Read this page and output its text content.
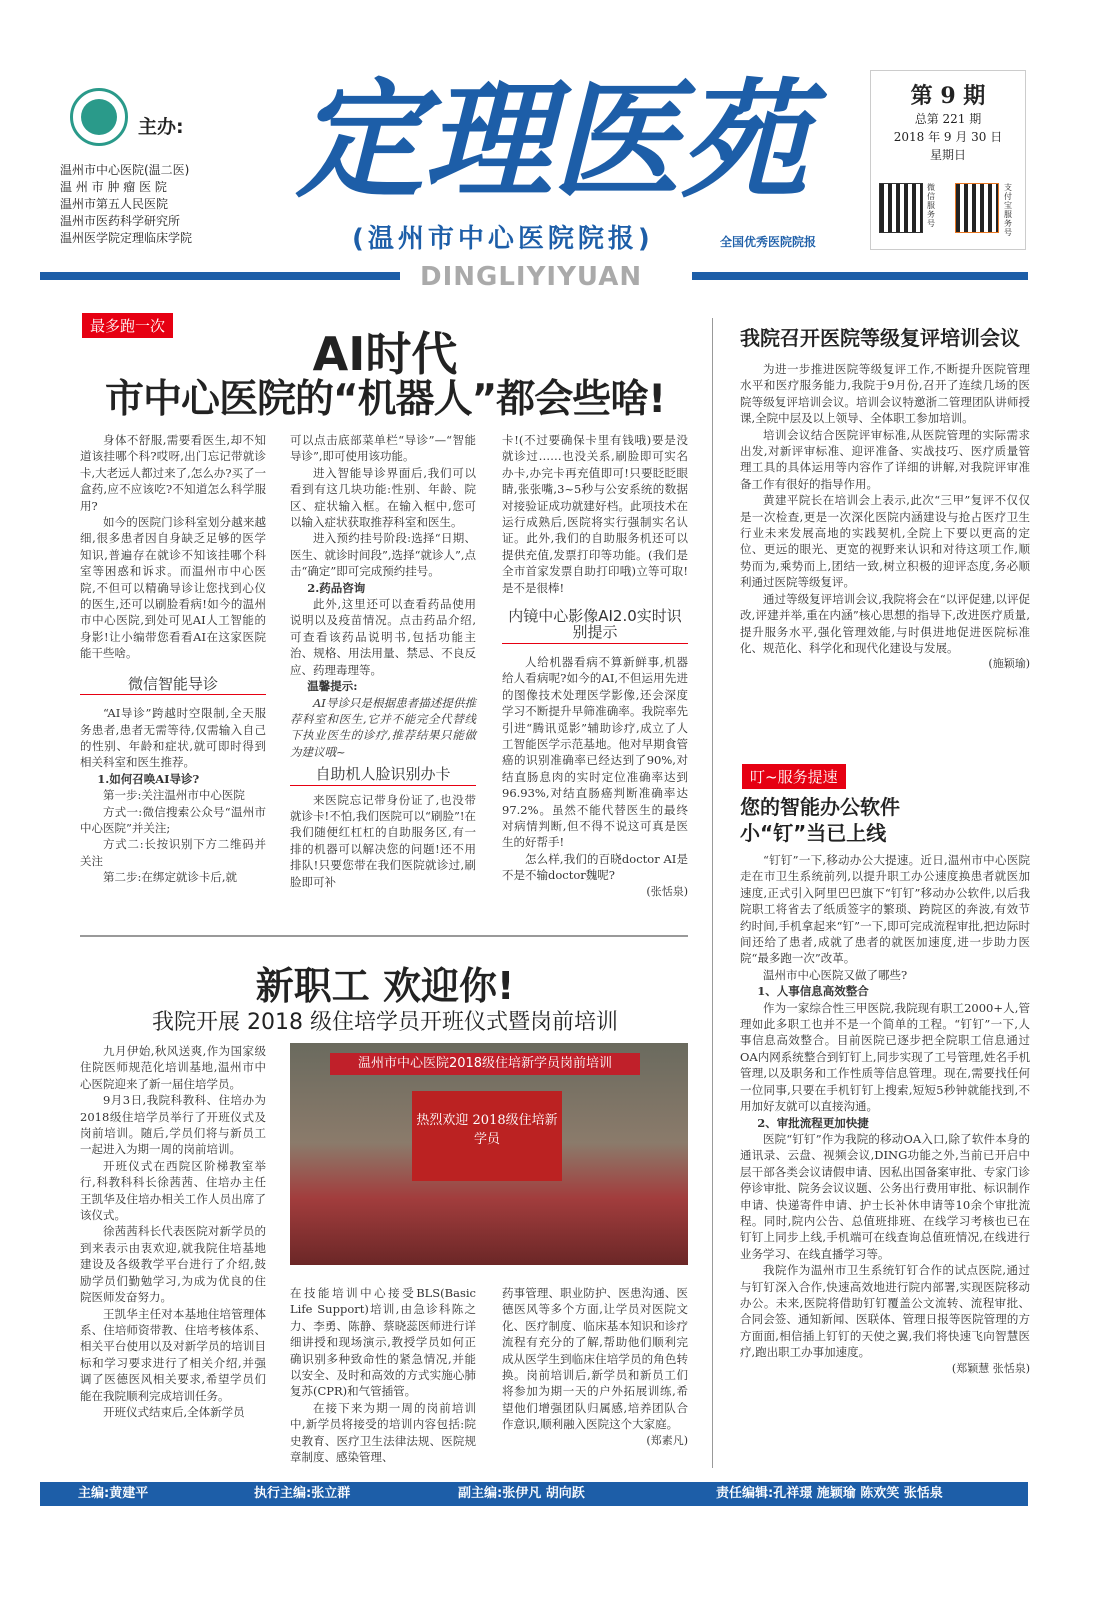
主办:
温州市中心医院(温二医)
温 州 市 肿 瘤 医 院
温州市第五人民医院
温州市医药科学研究所
温州医学院定理临床学院
定理医苑
(温州市中心医院院报)	全国优秀医院院报
DINGLIYIYUAN
第 9 期
总第 221 期
2018 年 9 月 30 日
星期日
微信服务号
支付宝服务号
最多跑一次
AI时代
市中心医院的“机器人”都会些啥!

身体不舒服,需要看医生,却不知道该挂哪个科?哎呀,出门忘记带就诊卡,大老远人都过来了,怎么办?买了一盒药,应不应该吃?不知道怎么科学服用?

如今的医院门诊科室划分越来越细,很多患者因自身缺乏足够的医学知识,普遍存在就诊不知该挂哪个科室等困惑和诉求。而温州市中心医院,不但可以精确导诊让您找到心仪的医生,还可以刷脸看病!如今的温州市中心医院,到处可见AI人工智能的身影!让小编带您看看AI在这家医院能干些啥。

微信智能导诊

“AI导诊”跨越时空限制,全天服务患者,患者无需等待,仅需输入自己的性别、年龄和症状,就可即时得到相关科室和医生推荐。

1.如何召唤AI导诊?

第一步:关注温州市中心医院

方式一:微信搜索公众号“温州市中心医院”并关注;

方式二:长按识别下方二维码并关注

第二步:在绑定就诊卡后,就

可以点击底部菜单栏“导诊”—“智能导诊”,即可使用该功能。

进入智能导诊界面后,我们可以看到有这几块功能:性别、年龄、院区、症状输入框。在输入框中,您可以输入症状获取推荐科室和医生。

进入预约挂号阶段:选择“日期、医生、就诊时间段”,选择“就诊人”,点击“确定”即可完成预约挂号。

2.药品咨询

此外,这里还可以查看药品使用说明以及疫苗情况。点击药品介绍,可查看该药品说明书,包括功能主治、规格、用法用量、禁忌、不良反应、药理毒理等。

温馨提示:

AI导诊只是根据患者描述提供推荐科室和医生,它并不能完全代替线下执业医生的诊疗,推荐结果只能做为建议哦~

自助机人脸识别办卡

来医院忘记带身份证了,也没带就诊卡!不怕,我们医院可以“刷脸”!在我们随便红杠杠的自助服务区,有一排的机器可以解决您的问题!还不用排队!只要您带在我们医院就诊过,刷脸即可补

卡!(不过要确保卡里有钱哦)要是没就诊过……也没关系,刷脸即可实名办卡,办完卡再充值即可!只要眨眨眼睛,张张嘴,3~5秒与公安系统的数据对接验证成功就建好档。此项技术在运行成熟后,医院将实行强制实名认证。此外,我们的自助服务机还可以提供充值,发票打印等功能。(我们是全市首家发票自助打印哦)立等可取!是不是很棒!

内镜中心影像AI2.0实时识别提示

人给机器看病不算新鲜事,机器给人看病呢?如今的AI,不但运用先进的图像技术处理医学影像,还会深度学习不断提升早筛准确率。我院率先引进“腾讯觅影”辅助诊疗,成立了人工智能医学示范基地。他对早期食管癌的识别准确率已经达到了90%,对结直肠息肉的实时定位准确率达到96.93%,对结直肠癌判断准确率达97.2%。虽然不能代替医生的最终对病情判断,但不得不说这可真是医生的好帮手!

怎么样,我们的百晓doctor AI是不是不输doctor魏呢?

(张恬泉)
我院召开医院等级复评培训会议

为进一步推进医院等级复评工作,不断提升医院管理水平和医疗服务能力,我院于9月份,召开了连续几场的医院等级复评培训会议。培训会议特邀浙二管理团队讲师授课,全院中层及以上领导、全体职工参加培训。

培训会议结合医院评审标准,从医院管理的实际需求出发,对新评审标准、迎评准备、实战技巧、医疗质量管理工具的具体运用等内容作了详细的讲解,对我院评审准备工作有很好的指导作用。

黄建平院长在培训会上表示,此次“三甲”复评不仅仅是一次检查,更是一次深化医院内涵建设与抢占医疗卫生行业未来发展高地的实践契机,全院上下要以更高的定位、更远的眼光、更宽的视野来认识和对待这项工作,顺势而为,乘势而上,团结一致,树立积极的迎评态度,务必顺利通过医院等级复评。

通过等级复评培训会议,我院将会在“以评促建,以评促改,评建并举,重在内涵”核心思想的指导下,改进医疗质量,提升服务水平,强化管理效能,与时俱进地促进医院标准化、规范化、科学化和现代化建设与发展。

(施颖瑜)
叮~服务提速
您的智能办公软件
小“钉”当已上线

“钉钉”一下,移动办公大提速。近日,温州市中心医院走在市卫生系统前列,以提升职工办公速度换患者就医加速度,正式引入阿里巴巴旗下“钉钉”移动办公软件,以后我院职工将省去了纸质签字的繁琐、跨院区的奔波,有效节约时间,手机拿起来“钉”一下,即可完成流程审批,把边际时间还给了患者,成就了患者的就医加速度,进一步助力医院“最多跑一次”改革。

温州市中心医院又做了哪些?

1、人事信息高效整合

作为一家综合性三甲医院,我院现有职工2000+人,管理如此多职工也并不是一个简单的工程。“钉钉”一下,人事信息高效整合。目前医院已逐步把全院职工信息通过OA内网系统整合到钉钉上,同步实现了工号管理,姓名手机管理,以及职务和工作性质等信息管理。现在,需要找任何一位同事,只要在手机钉钉上搜索,短短5秒钟就能找到,不用加好友就可以直接沟通。

2、审批流程更加快捷

医院“钉钉”作为我院的移动OA入口,除了软件本身的通讯录、云盘、视频会议,DING功能之外,当前已开启中层干部各类会议请假申请、因私出国备案审批、专家门诊停诊审批、院务会议议题、公务出行费用审批、标识制作申请、快递寄件申请、护士长补休申请等10余个审批流程。同时,院内公告、总值班排班、在线学习考核也已在钉钉上同步上线,手机端可在线查询总值班情况,在线进行业务学习、在线直播学习等。

我院作为温州市卫生系统钉钉合作的试点医院,通过与钉钉深入合作,快速高效地进行院内部署,实现医院移动办公。未来,医院将借助钉钉覆盖公文流转、流程审批、合同会签、通知新闻、医联体、管理日报等医院管理的方方面面,相信插上钉钉的天使之翼,我们将快速飞向智慧医疗,跑出职工办事加速度。

(郑颖慧 张恬泉)
新职工 欢迎你!
我院开展 2018 级住培学员开班仪式暨岗前培训
温州市中心医院2018级住培新学员岗前培训
热烈欢迎 2018级住培新学员

九月伊始,秋风送爽,作为国家级住院医师规范化培训基地,温州市中心医院迎来了新一届住培学员。

9月3日,我院科教科、住培办为2018级住培学员举行了开班仪式及岗前培训。随后,学员们将与新员工一起进入为期一周的岗前培训。

开班仪式在西院区阶梯教室举行,科教科科长徐茜茜、住培办主任王凯华及住培办相关工作人员出席了该仪式。

徐茜茜科长代表医院对新学员的到来表示由衷欢迎,就我院住培基地建设及各级教学平台进行了介绍,鼓励学员们勤勉学习,为成为优良的住院医师发奋努力。

王凯华主任对本基地住培管理体系、住培师资带教、住培考核体系、相关平台使用以及对新学员的培训目标和学习要求进行了相关介绍,并强调了医德医风相关要求,希望学员们能在我院顺利完成培训任务。

开班仪式结束后,全体新学员

在技能培训中心接受BLS(Basic Life Support)培训,由急诊科陈之力、李勇、陈静、蔡晓蕊医师进行详细讲授和现场演示,教授学员如何正确识别多种致命性的紧急情况,并能以安全、及时和高效的方式实施心肺复苏(CPR)和气管插管。

在接下来为期一周的岗前培训中,新学员将接受的培训内容包括:院史教育、医疗卫生法律法规、医院规章制度、感染管理、

药事管理、职业防护、医患沟通、医德医风等多个方面,让学员对医院文化、医疗制度、临床基本知识和诊疗流程有充分的了解,帮助他们顺利完成从医学生到临床住培学员的角色转换。岗前培训后,新学员和新员工们将参加为期一天的户外拓展训练,希望他们增强团队归属感,培养团队合作意识,顺利融入医院这个大家庭。

(郑素凡)
主编:黄建平	执行主编:张立群	副主编:张伊凡 胡向跃	责任编辑:孔祥璟 施颖瑜 陈欢笑 张恬泉
